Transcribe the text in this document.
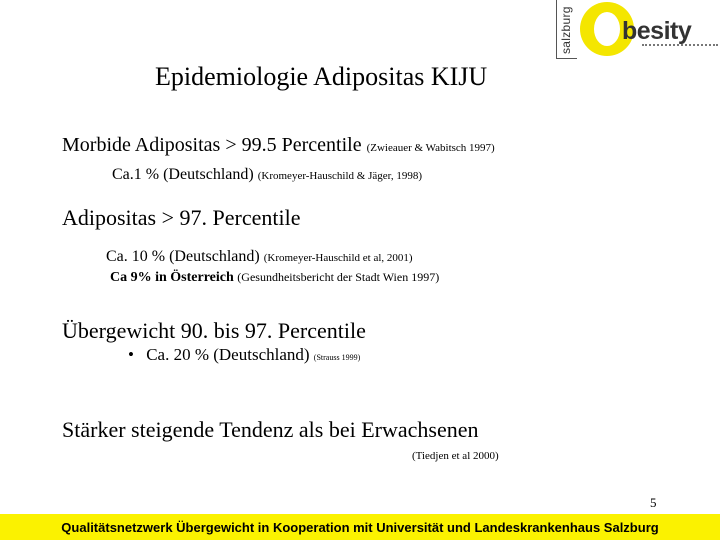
salzburg besity
Epidemiologie Adipositas KIJU
Morbide Adipositas > 99.5 Percentile (Zwieauer & Wabitsch 1997)
Ca.1 % (Deutschland) (Kromeyer-Hauschild & Jäger, 1998)
Adipositas > 97. Percentile
Ca. 10 % (Deutschland) (Kromeyer-Hauschild et al, 2001)
Ca 9% in Österreich (Gesundheitsbericht der Stadt Wien 1997)
Übergewicht 90. bis 97. Percentile
• Ca. 20 % (Deutschland) (Strauss 1999)
Stärker steigende Tendenz als bei Erwachsenen
(Tiedjen et al 2000)
5
Qualitätsnetzwerk Übergewicht in Kooperation mit Universität und Landeskrankenhaus Salzburg
